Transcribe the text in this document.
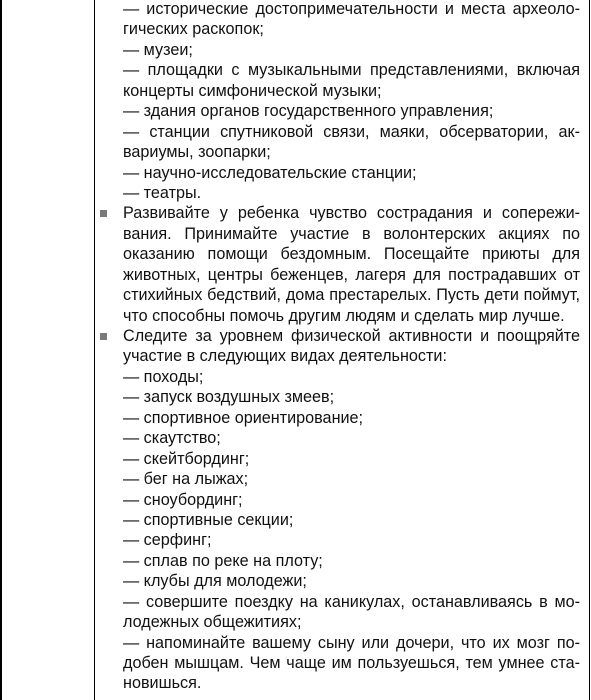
— исторические достопримечательности и места археоло-
гических раскопок;
— музеи;
— площадки с музыкальными представлениями, включая
концерты симфонической музыки;
— здания органов государственного управления;
— станции спутниковой связи, маяки, обсерватории, ак-
вариумы, зоопарки;
— научно-исследовательские станции;
— театры.
Развивайте у ребенка чувство сострадания и сопережи-
вания. Принимайте участие в волонтерских акциях по
оказанию помощи бездомным. Посещайте приюты для
животных, центры беженцев, лагеря для пострадавших от
стихийных бедствий, дома престарелых. Пусть дети поймут,
что способны помочь другим людям и сделать мир лучше.
Следите за уровнем физической активности и поощряйте
участие в следующих видах деятельности:
— походы;
— запуск воздушных змеев;
— спортивное ориентирование;
— скаутство;
— скейтбординг;
— бег на лыжах;
— сноубординг;
— спортивные секции;
— серфинг;
— сплав по реке на плоту;
— клубы для молодежи;
— совершите поездку на каникулах, останавливаясь в мо-
лодежных общежитиях;
— напоминайте вашему сыну или дочери, что их мозг по-
добен мышцам. Чем чаще им пользуешься, тем умнее ста-
новишься.
